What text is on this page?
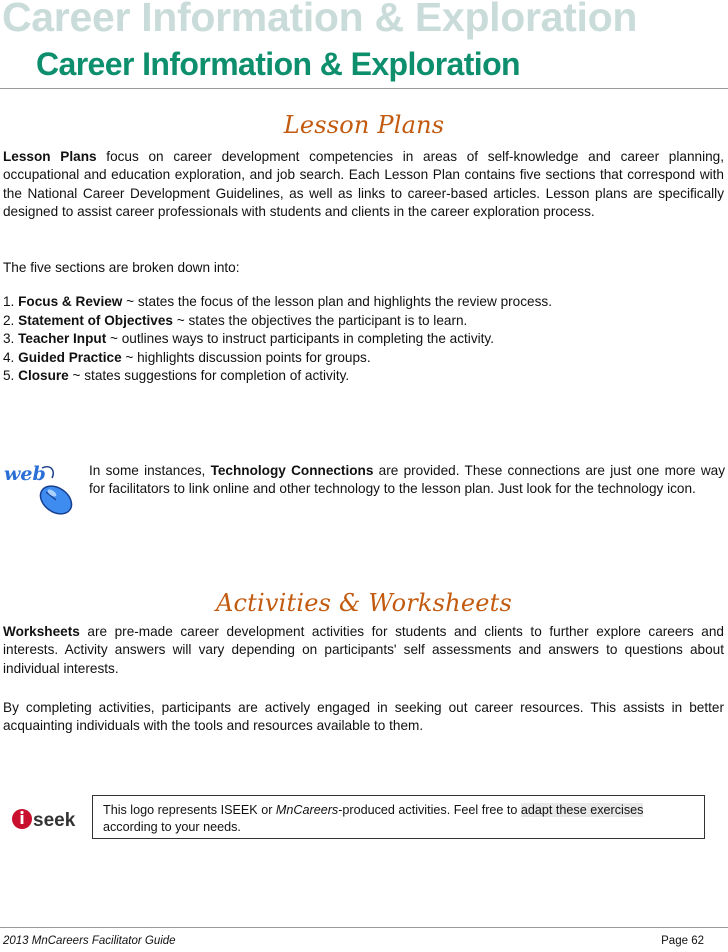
Career Information & Exploration
Career Information & Exploration
Lesson Plans
Lesson Plans focus on career development competencies in areas of self-knowledge and career planning, occupational and education exploration, and job search. Each Lesson Plan contains five sections that correspond with the National Career Development Guidelines, as well as links to career-based articles. Lesson plans are specifically designed to assist career professionals with students and clients in the career exploration process.
The five sections are broken down into:
1. Focus & Review ~ states the focus of the lesson plan and highlights the review process.
2. Statement of Objectives ~ states the objectives the participant is to learn.
3. Teacher Input ~ outlines ways to instruct participants in completing the activity.
4. Guided Practice ~ highlights discussion points for groups.
5. Closure ~ states suggestions for completion of activity.
web	In some instances, Technology Connections are provided. These connections are just one more way for facilitators to link online and other technology to the lesson plan. Just look for the technology icon.
Activities & Worksheets
Worksheets are pre-made career development activities for students and clients to further explore careers and interests. Activity answers will vary depending on participants' self assessments and answers to questions about individual interests.
By completing activities, participants are actively engaged in seeking out career resources. This assists in better acquainting individuals with the tools and resources available to them.
seek	This logo represents ISEEK or MnCareers-produced activities. Feel free to adapt these exercises according to your needs.
2013 MnCareers Facilitator Guide	Page 62
